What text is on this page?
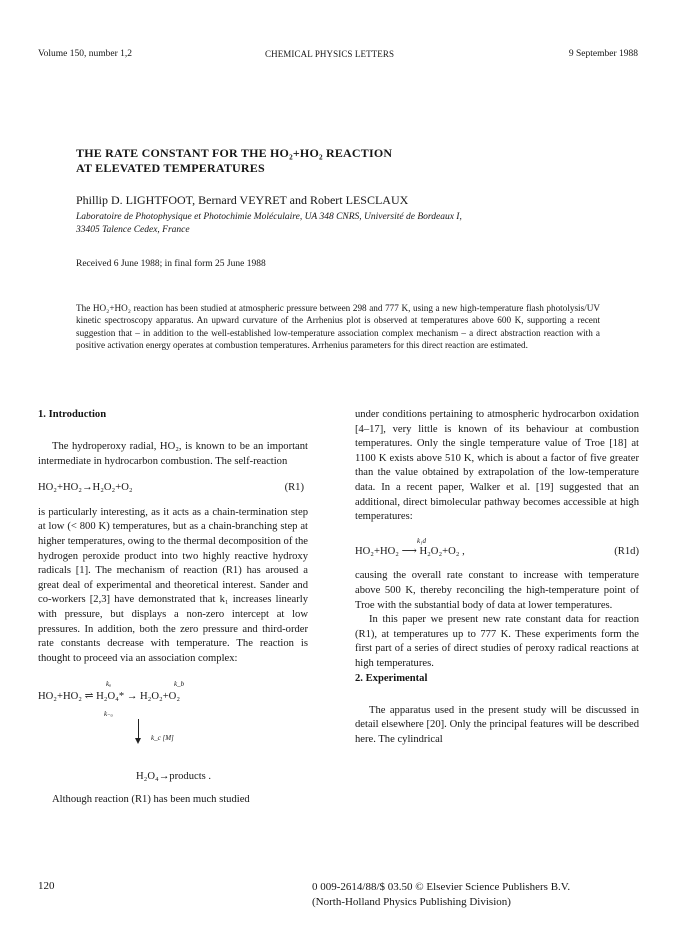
Volume 150, number 1,2	CHEMICAL PHYSICS LETTERS	9 September 1988
THE RATE CONSTANT FOR THE HO₂+HO₂ REACTION
AT ELEVATED TEMPERATURES
Phillip D. LIGHTFOOT, Bernard VEYRET and Robert LESCLAUX
Laboratoire de Photophysique et Photochimie Moléculaire, UA 348 CNRS, Université de Bordeaux I,
33405 Talence Cedex, France
Received 6 June 1988; in final form 25 June 1988
The HO₂+HO₂ reaction has been studied at atmospheric pressure between 298 and 777 K, using a new high-temperature flash photolysis/UV kinetic spectroscopy apparatus. An upward curvature of the Arrhenius plot is observed at temperatures above 600 K, supporting a recent suggestion that – in addition to the well-established low-temperature association complex mechanism – a direct abstraction reaction with a positive activation energy operates at combustion temperatures. Arrhenius parameters for this direct reaction are estimated.
1. Introduction

The hydroperoxy radial, HO₂, is known to be an important intermediate in hydrocarbon combustion. The self-reaction

HO₂+HO₂→H₂O₂+O₂	(R1)

is particularly interesting, as it acts as a chain-termination step at low (< 800 K) temperatures, but as a chain-branching step at higher temperatures, owing to the thermal decomposition of the hydrogen peroxide product into two highly reactive hydroxy radicals [1]. The mechanism of reaction (R1) has aroused a great deal of experimental and theoretical interest. Sander and co-workers [2,3] have demonstrated that k₁ increases linearly with pressure, but displays a non-zero intercept at low pressures. In addition, both the zero pressure and third-order rate constants decrease with temperature. The reaction is thought to proceed via an association complex:

kₐ	k_b
HO₂+HO₂ ⇌ H₂O₄* → H₂O₂+O₂
k₋ₐ
k_c [M]
H₂O₄→products .

Although reaction (R1) has been much studied

under conditions pertaining to atmospheric hydrocarbon oxidation [4–17], very little is known of its behaviour at combustion temperatures. Only the single temperature value of Troe [18] at 1100 K exists above 510 K, which is about a factor of five greater than the value obtained by extrapolation of the low-temperature data. In a recent paper, Walker et al. [19] suggested that an additional, direct bimolecular pathway becomes accessible at high temperatures:

k₁d
HO₂+HO₂ ⟶ H₂O₂+O₂ ,	(R1d)

causing the overall rate constant to increase with temperature above 500 K, thereby reconciling the high-temperature point of Troe with the substantial body of data at lower temperatures.

In this paper we present new rate constant data for reaction (R1), at temperatures up to 777 K. These experiments form the first part of a series of direct studies of peroxy radical reactions at high temperatures.

2. Experimental

The apparatus used in the present study will be discussed in detail elsewhere [20]. Only the principal features will be described here. The cylindrical

120	0 009-2614/88/$ 03.50 © Elsevier Science Publishers B.V.
(North-Holland Physics Publishing Division)
